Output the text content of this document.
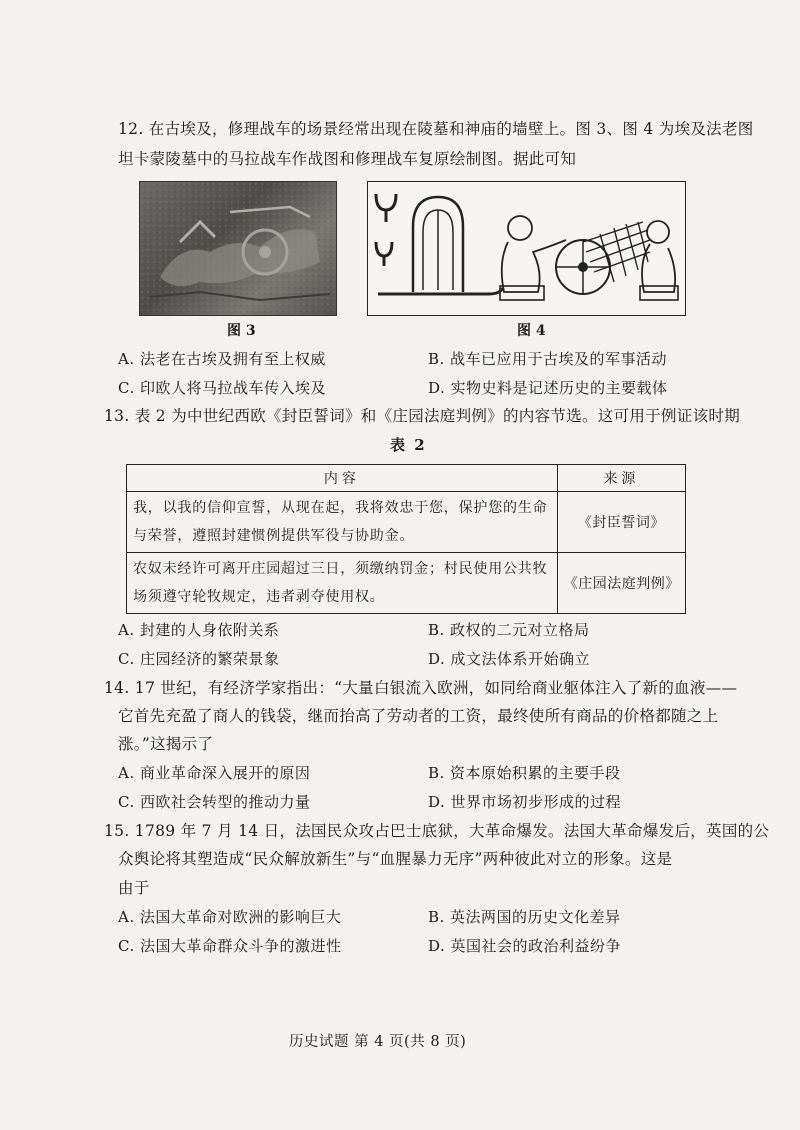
12. 在古埃及，修理战车的场景经常出现在陵墓和神庙的墙壁上。图 3、图 4 为埃及法老图
坦卡蒙陵墓中的马拉战车作战图和修理战车复原绘制图。据此可知
图 3	图 4
A. 法老在古埃及拥有至上权威	B. 战车已应用于古埃及的军事活动
C. 印欧人将马拉战车传入埃及	D. 实物史料是记述历史的主要载体
13. 表 2 为中世纪西欧《封臣誓词》和《庄园法庭判例》的内容节选。这可用于例证该时期
表 2
内容	来源
我，以我的信仰宣誓，从现在起，我将效忠于您，保护您的生命与荣誉，遵照封建惯例提供军役与协助金。	《封臣誓词》
农奴未经许可离开庄园超过三日，须缴纳罚金；村民使用公共牧场须遵守轮牧规定，违者剥夺使用权。	《庄园法庭判例》
A. 封建的人身依附关系	B. 政权的二元对立格局
C. 庄园经济的繁荣景象	D. 成文法体系开始确立
14. 17 世纪，有经济学家指出：“大量白银流入欧洲，如同给商业躯体注入了新的血液——
它首先充盈了商人的钱袋，继而抬高了劳动者的工资，最终使所有商品的价格都随之上
涨。”这揭示了
A. 商业革命深入展开的原因	B. 资本原始积累的主要手段
C. 西欧社会转型的推动力量	D. 世界市场初步形成的过程
15. 1789 年 7 月 14 日，法国民众攻占巴士底狱，大革命爆发。法国大革命爆发后，英国的公
众舆论将其塑造成“民众解放新生”与“血腥暴力无序”两种彼此对立的形象。这是
由于
A. 法国大革命对欧洲的影响巨大	B. 英法两国的历史文化差异
C. 法国大革命群众斗争的激进性	D. 英国社会的政治利益纷争
历史试题 第 4 页(共 8 页)
